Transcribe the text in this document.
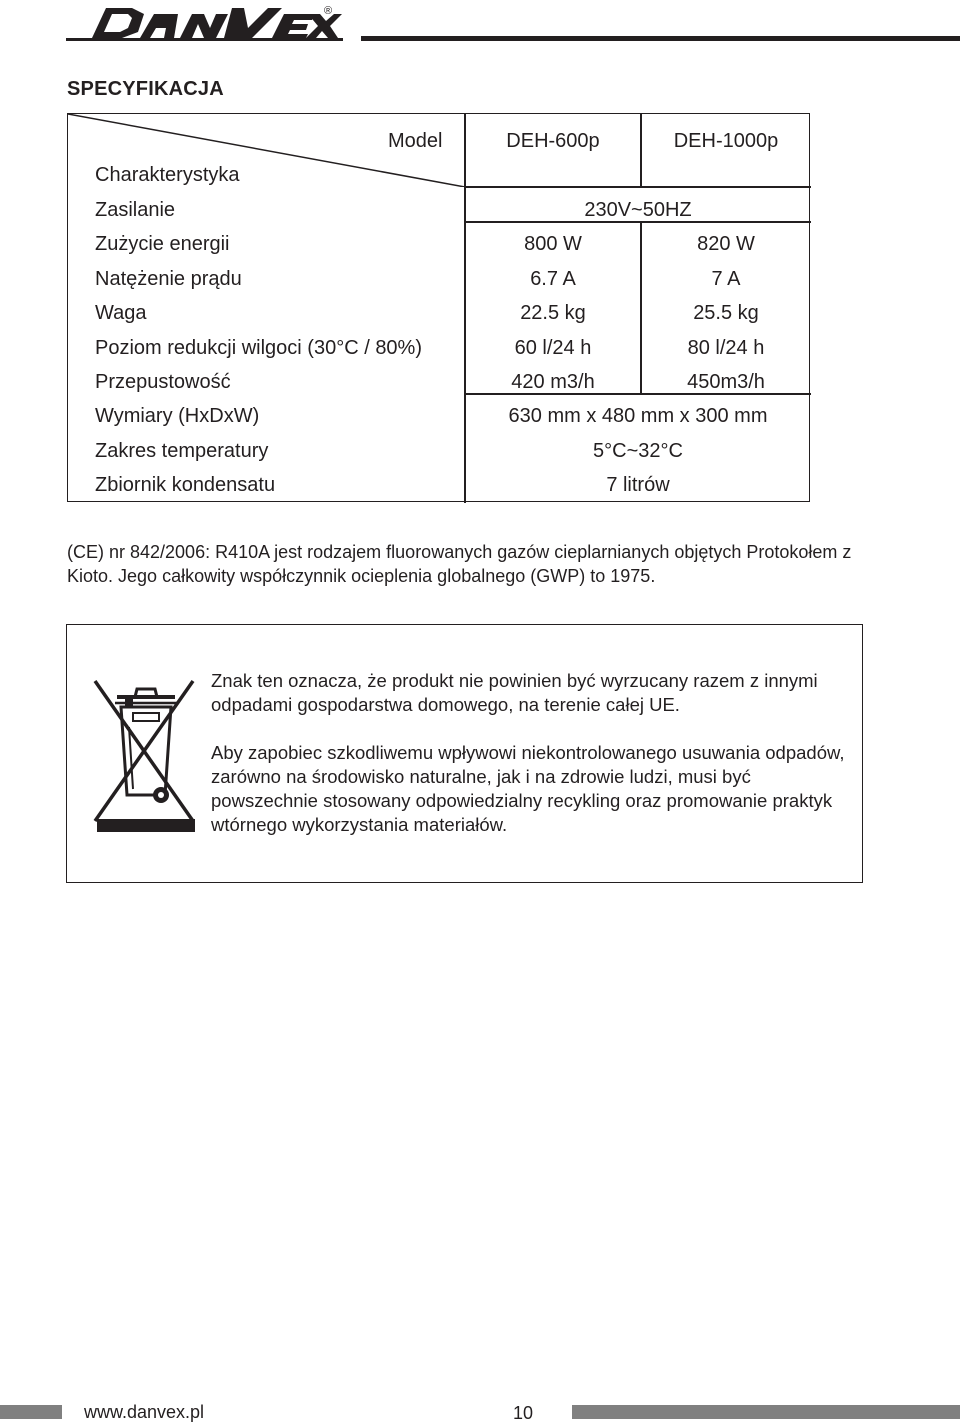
®
SPECYFIKACJA
Model	DEH-600p	DEH-1000p
Charakterystyka
Zasilanie	230V~50HZ
Zużycie energii	800 W	820 W
Natężenie prądu	6.7 A	7 A
Waga	22.5 kg	25.5 kg
Poziom redukcji wilgoci (30°C / 80%)	60 l/24 h	80 l/24 h
Przepustowość	420 m3/h	450m3/h
Wymiary (HxDxW)	630 mm x 480 mm x 300 mm
Zakres temperatury	5°C~32°C
Zbiornik kondensatu	7 litrów

(CE) nr 842/2006: R410A jest rodzajem fluorowanych gazów cieplarnianych objętych Protokołem z Kioto. Jego całkowity współczynnik ocieplenia globalnego (GWP) to 1975.

Znak ten oznacza, że produkt nie powinien być wyrzucany razem z innymi odpadami gospodarstwa domowego, na terenie całej UE.

Aby zapobiec szkodliwemu wpływowi niekontrolowanego usuwania odpadów, zarówno na środowisko naturalne, jak i na zdrowie ludzi, musi być powszechnie stosowany odpowiedzialny recykling oraz promowanie praktyk wtórnego wykorzystania materiałów.

www.danvex.pl	10
